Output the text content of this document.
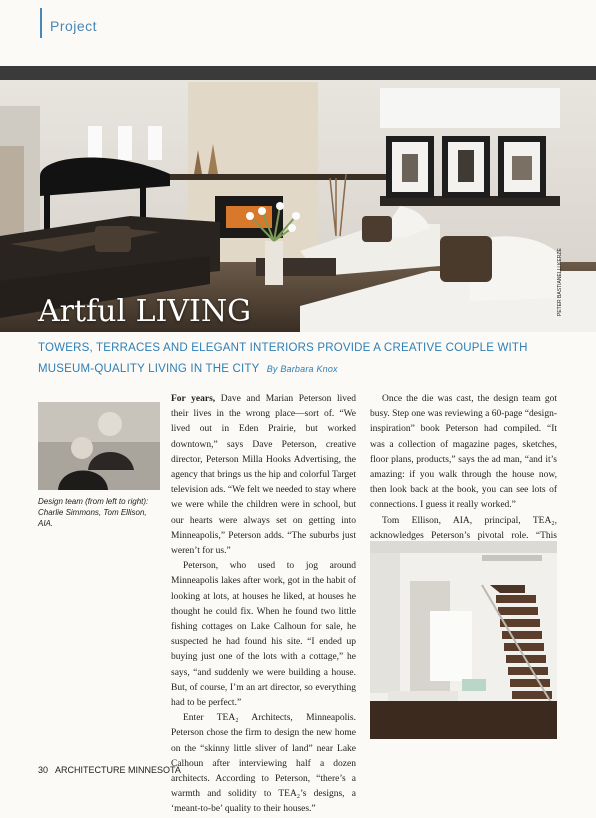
Project
Artful LIVING	PETER
TOWERS, TERRACES AND ELEGANT INTERIORS PROVIDE A CREATIVE COUPLE WITH MUSEUM-QUALITY LIVING IN THE CITY By Barbara Knox
Design team (from left to right): Charlie Simmons, Tom Ellison, AIA.

For years, Dave and Marian Peterson lived their lives in the wrong place—sort of. “We lived out in Eden Prairie, but worked downtown,” says Dave Peterson, creative director, Peterson Milla Hooks Advertising, the agency that brings us the hip and colorful Target television ads. “We felt we needed to stay where we were while the children were in school, but our hearts were always set on getting into Minneapolis,” Peterson adds. “The suburbs just weren’t for us.”

Peterson, who used to jog around Minneapolis lakes after work, got in the habit of looking at lots, at houses he liked, at houses he thought he could fix. When he found two little fishing cottages on Lake Calhoun for sale, he suspected he had found his site. “I ended up buying just one of the lots with a cottage,” he says, “and suddenly we were building a house. But, of course, I’m an art director, so everything had to be perfect.”

Enter TEA₂ Architects, Minneapolis. Peterson chose the firm to design the new home on the “skinny little sliver of land” near Lake Calhoun after interviewing half a dozen architects. According to Peterson, “there’s a warmth and solidity to TEA₂’s designs, a ‘meant-to-be’ quality to their houses.”

Once the die was cast, the design team got busy. Step one was reviewing a 60-page “design-inspiration” book Peterson had compiled. “It was a collection of magazine pages, sketches, floor plans, products,” says the ad man, “and it’s amazing: if you walk through the house now, then look back at the book, you can see lots of connections. I guess it really worked.”

Tom Ellison, AIA, principal, TEA₂, acknowledges Peterson’s pivotal role. “This

30 ARCHITECTURE MINNESOTA
